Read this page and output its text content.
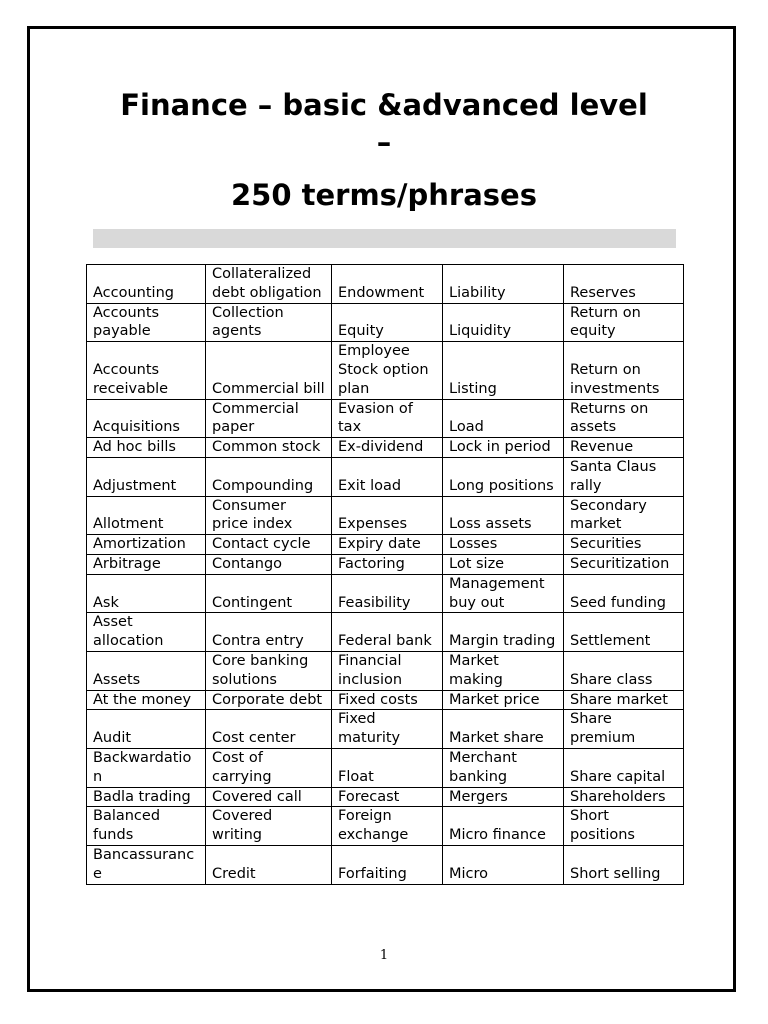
Finance – basic &advanced level
–
250 terms/phrases
Accounting	Collateralized debt obligation	Endowment	Liability	Reserves
Accounts payable	Collection agents	Equity	Liquidity	Return on equity
Accounts receivable	Commercial bill	Employee Stock option plan	Listing	Return on investments
Acquisitions	Commercial paper	Evasion of tax	Load	Returns on assets
Ad hoc bills	Common stock	Ex-dividend	Lock in period	Revenue
Adjustment	Compounding	Exit load	Long positions	Santa Claus rally
Allotment	Consumer price index	Expenses	Loss assets	Secondary market
Amortization	Contact cycle	Expiry date	Losses	Securities
Arbitrage	Contango	Factoring	Lot size	Securitization
Ask	Contingent	Feasibility	Management buy out	Seed funding
Asset allocation	Contra entry	Federal bank	Margin trading	Settlement
Assets	Core banking solutions	Financial inclusion	Market making	Share class
At the money	Corporate debt	Fixed costs	Market price	Share market
Audit	Cost center	Fixed maturity	Market share	Share premium
Backwardation	Cost of carrying	Float	Merchant banking	Share capital
Badla trading	Covered call	Forecast	Mergers	Shareholders
Balanced funds	Covered writing	Foreign exchange	Micro finance	Short positions
Bancassurance	Credit	Forfaiting	Micro	Short selling
1
